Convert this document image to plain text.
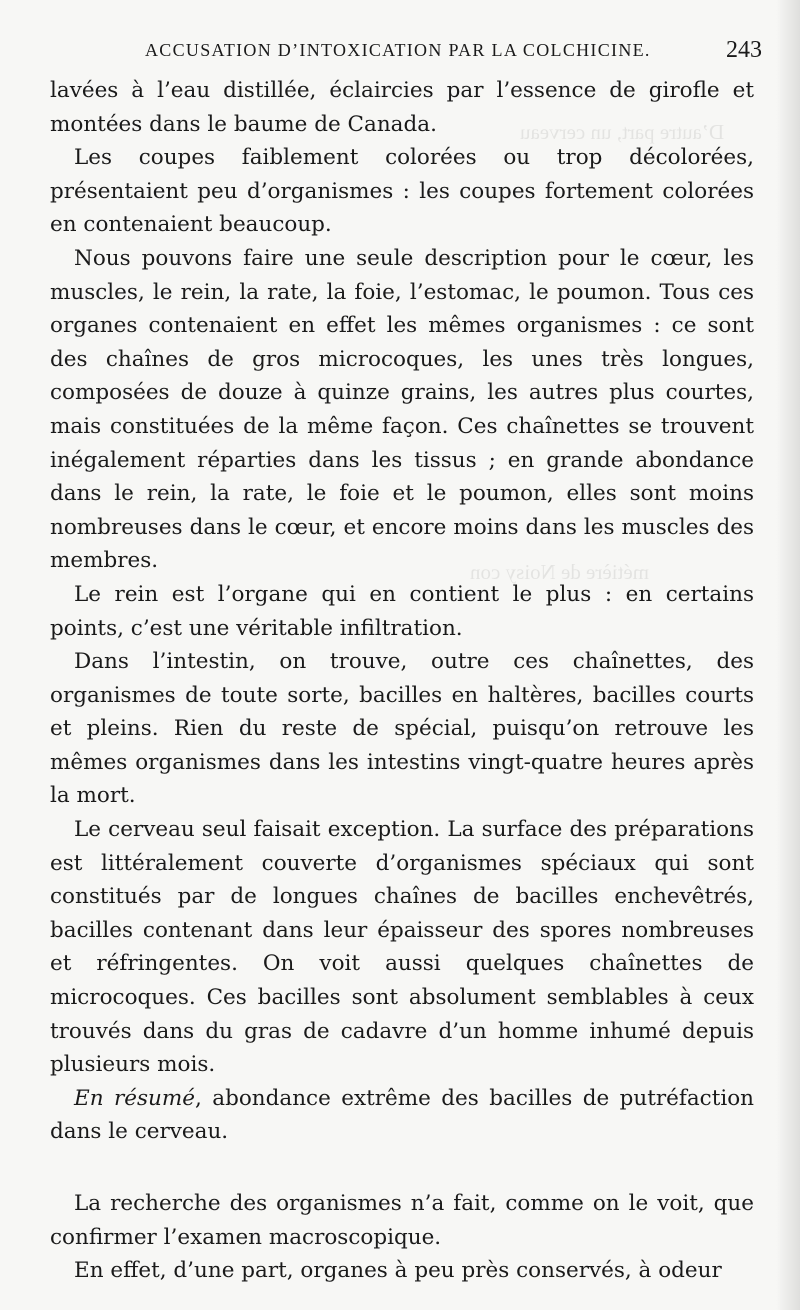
D’autre part, un cerveau
métière de Noisy con
ACCUSATION D’INTOXICATION PAR LA COLCHICINE.	243

lavées à l’eau distillée, éclaircies par l’essence de girofle et montées dans le baume de Canada.

Les coupes faiblement colorées ou trop décolorées, présentaient peu d’organismes : les coupes fortement colorées en contenaient beaucoup.

Nous pouvons faire une seule description pour le cœur, les muscles, le rein, la rate, la foie, l’estomac, le poumon. Tous ces organes contenaient en effet les mêmes organismes : ce sont des chaînes de gros microcoques, les unes très longues, composées de douze à quinze grains, les autres plus courtes, mais constituées de la même façon. Ces chaînettes se trouvent inégalement réparties dans les tissus ; en grande abondance dans le rein, la rate, le foie et le poumon, elles sont moins nombreuses dans le cœur, et encore moins dans les muscles des membres.

Le rein est l’organe qui en contient le plus : en certains points, c’est une véritable infiltration.

Dans l’intestin, on trouve, outre ces chaînettes, des organismes de toute sorte, bacilles en haltères, bacilles courts et pleins. Rien du reste de spécial, puisqu’on retrouve les mêmes organismes dans les intestins vingt-quatre heures après la mort.

Le cerveau seul faisait exception. La surface des préparations est littéralement couverte d’organismes spéciaux qui sont constitués par de longues chaînes de bacilles enchevêtrés, bacilles contenant dans leur épaisseur des spores nombreuses et réfringentes. On voit aussi quelques chaînettes de microcoques. Ces bacilles sont absolument semblables à ceux trouvés dans du gras de cadavre d’un homme inhumé depuis plusieurs mois.

En résumé, abondance extrême des bacilles de putréfaction dans le cerveau.

La recherche des organismes n’a fait, comme on le voit, que confirmer l’examen macroscopique.

En effet, d’une part, organes à peu près conservés, à odeur
